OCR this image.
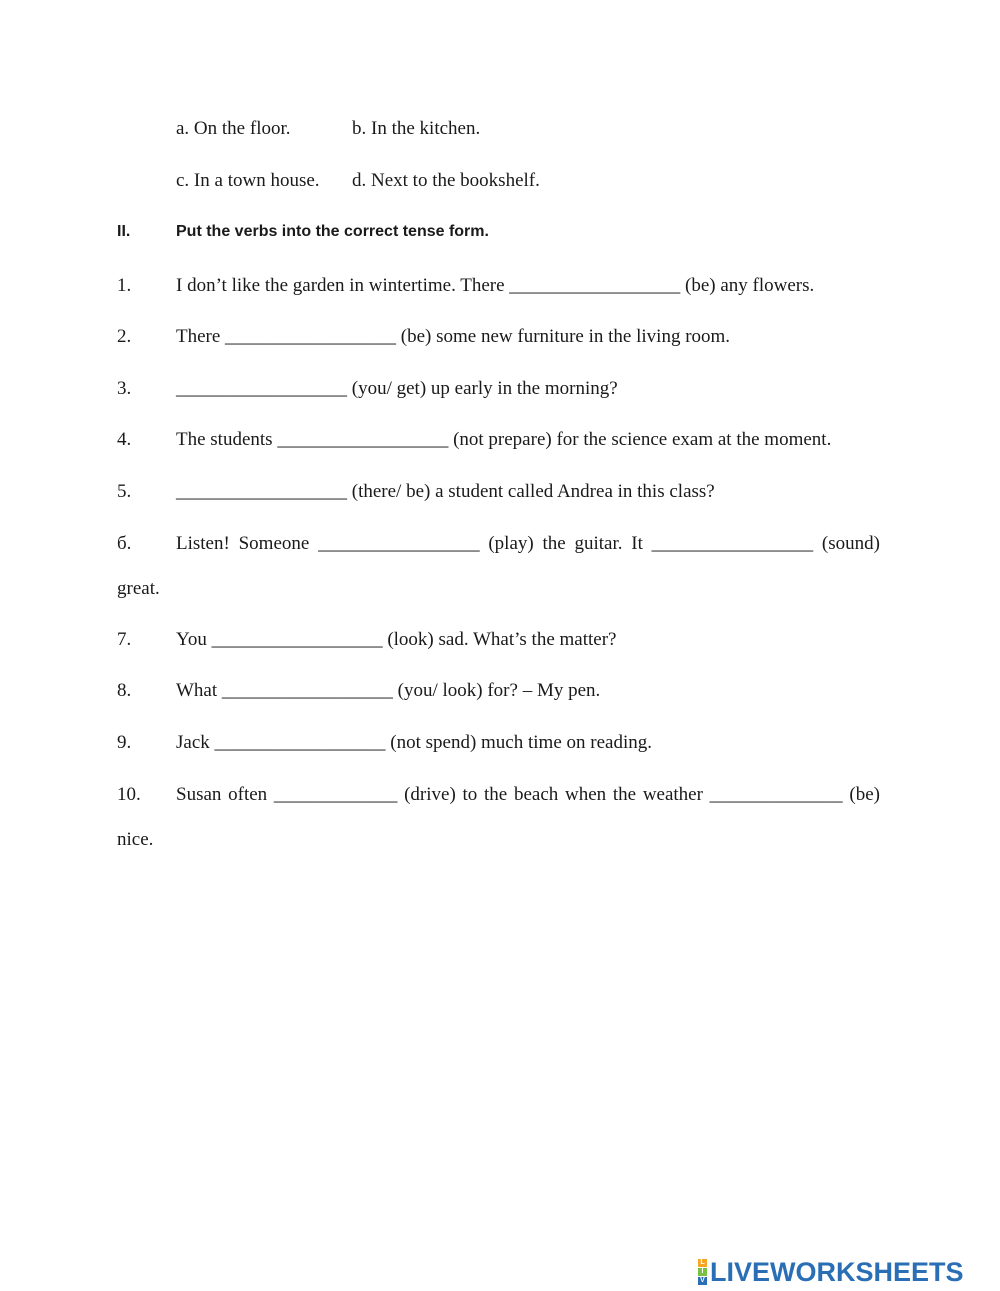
a. On the floor.	b. In the kitchen.
c. In a town house. d. Next to the bookshelf.
II.	Put the verbs into the correct tense form.
1. I don’t like the garden in wintertime. There __________________ (be) any flowers.
2. There __________________ (be) some new furniture in the living room.
3. __________________ (you/ get) up early in the morning?
4. The students __________________ (not prepare) for the science exam at the moment.
5. __________________ (there/ be) a student called Andrea in this class?
б. Listen! Someone _________________ (play) the guitar. It _________________ (sound)
great.
7. You __________________ (look) sad. What’s the matter?
8. What __________________ (you/ look) for? – My pen.
9. Jack __________________ (not spend) much time on reading.
10. Susan often _____________ (drive) to the beach when the weather ______________ (be)
nice.
L
I
V LIVEWORKSHEETS
